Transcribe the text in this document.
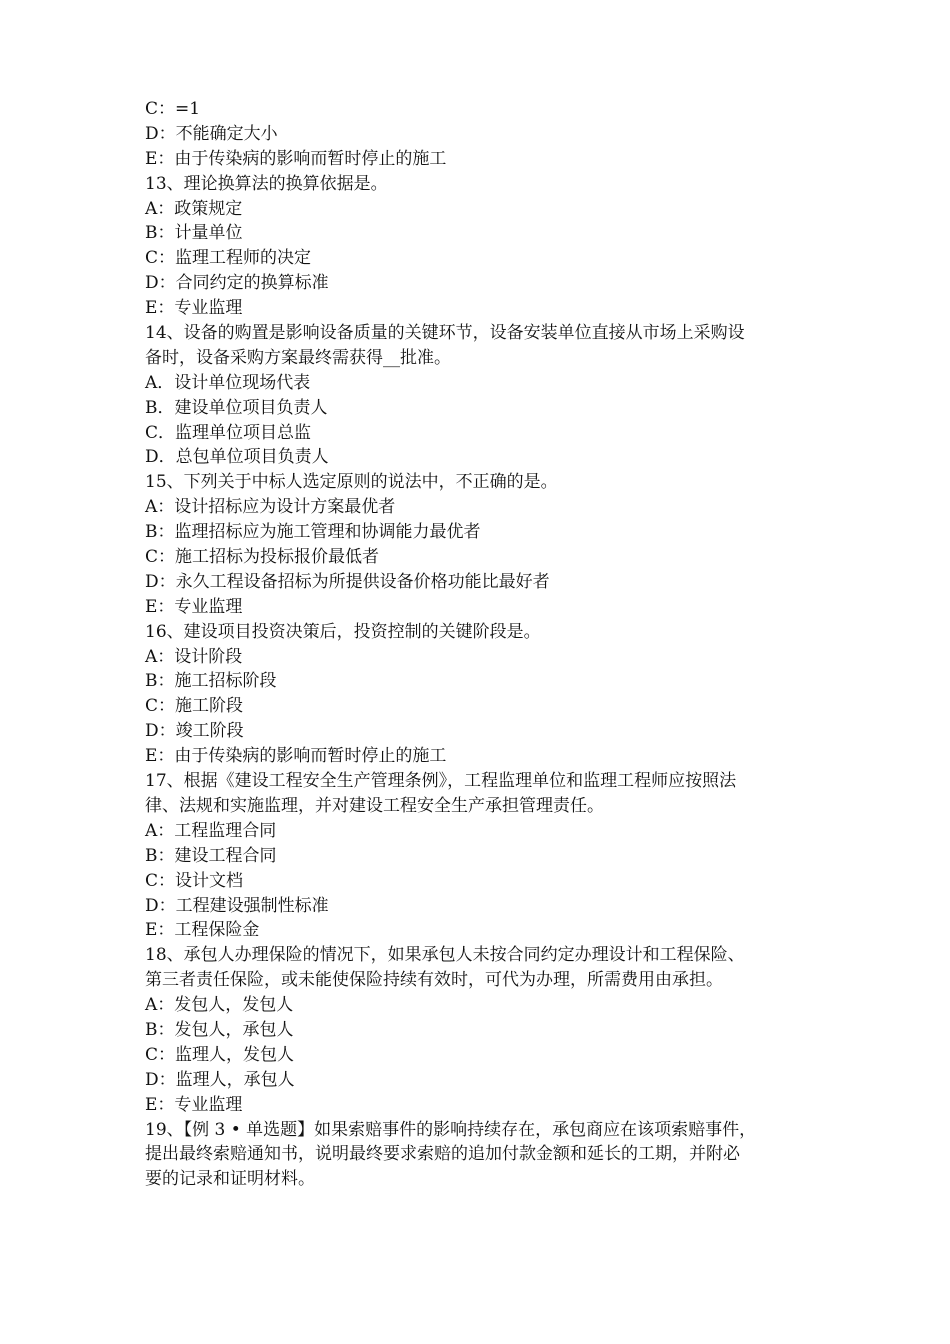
C：=1
D：不能确定大小
E：由于传染病的影响而暂时停止的施工
13、理论换算法的换算依据是。
A：政策规定
B：计量单位
C：监理工程师的决定
D：合同约定的换算标准
E：专业监理
14、设备的购置是影响设备质量的关键环节，设备安装单位直接从市场上采购设
备时，设备采购方案最终需获得__批准。
A．设计单位现场代表
B．建设单位项目负责人
C．监理单位项目总监
D．总包单位项目负责人
15、下列关于中标人选定原则的说法中，不正确的是。
A：设计招标应为设计方案最优者
B：监理招标应为施工管理和协调能力最优者
C：施工招标为投标报价最低者
D：永久工程设备招标为所提供设备价格功能比最好者
E：专业监理
16、建设项目投资决策后，投资控制的关键阶段是。
A：设计阶段
B：施工招标阶段
C：施工阶段
D：竣工阶段
E：由于传染病的影响而暂时停止的施工
17、根据《建设工程安全生产管理条例》，工程监理单位和监理工程师应按照法
律、法规和实施监理，并对建设工程安全生产承担管理责任。
A：工程监理合同
B：建设工程合同
C：设计文档
D：工程建设强制性标准
E：工程保险金
18、承包人办理保险的情况下，如果承包人未按合同约定办理设计和工程保险、
第三者责任保险，或未能使保险持续有效时，可代为办理，所需费用由承担。
A：发包人，发包人
B：发包人，承包人
C：监理人，发包人
D：监理人，承包人
E：专业监理
19、【例 3 • 单选题】如果索赔事件的影响持续存在，承包商应在该项索赔事件，
提出最终索赔通知书，说明最终要求索赔的追加付款金额和延长的工期，并附必
要的记录和证明材料。
